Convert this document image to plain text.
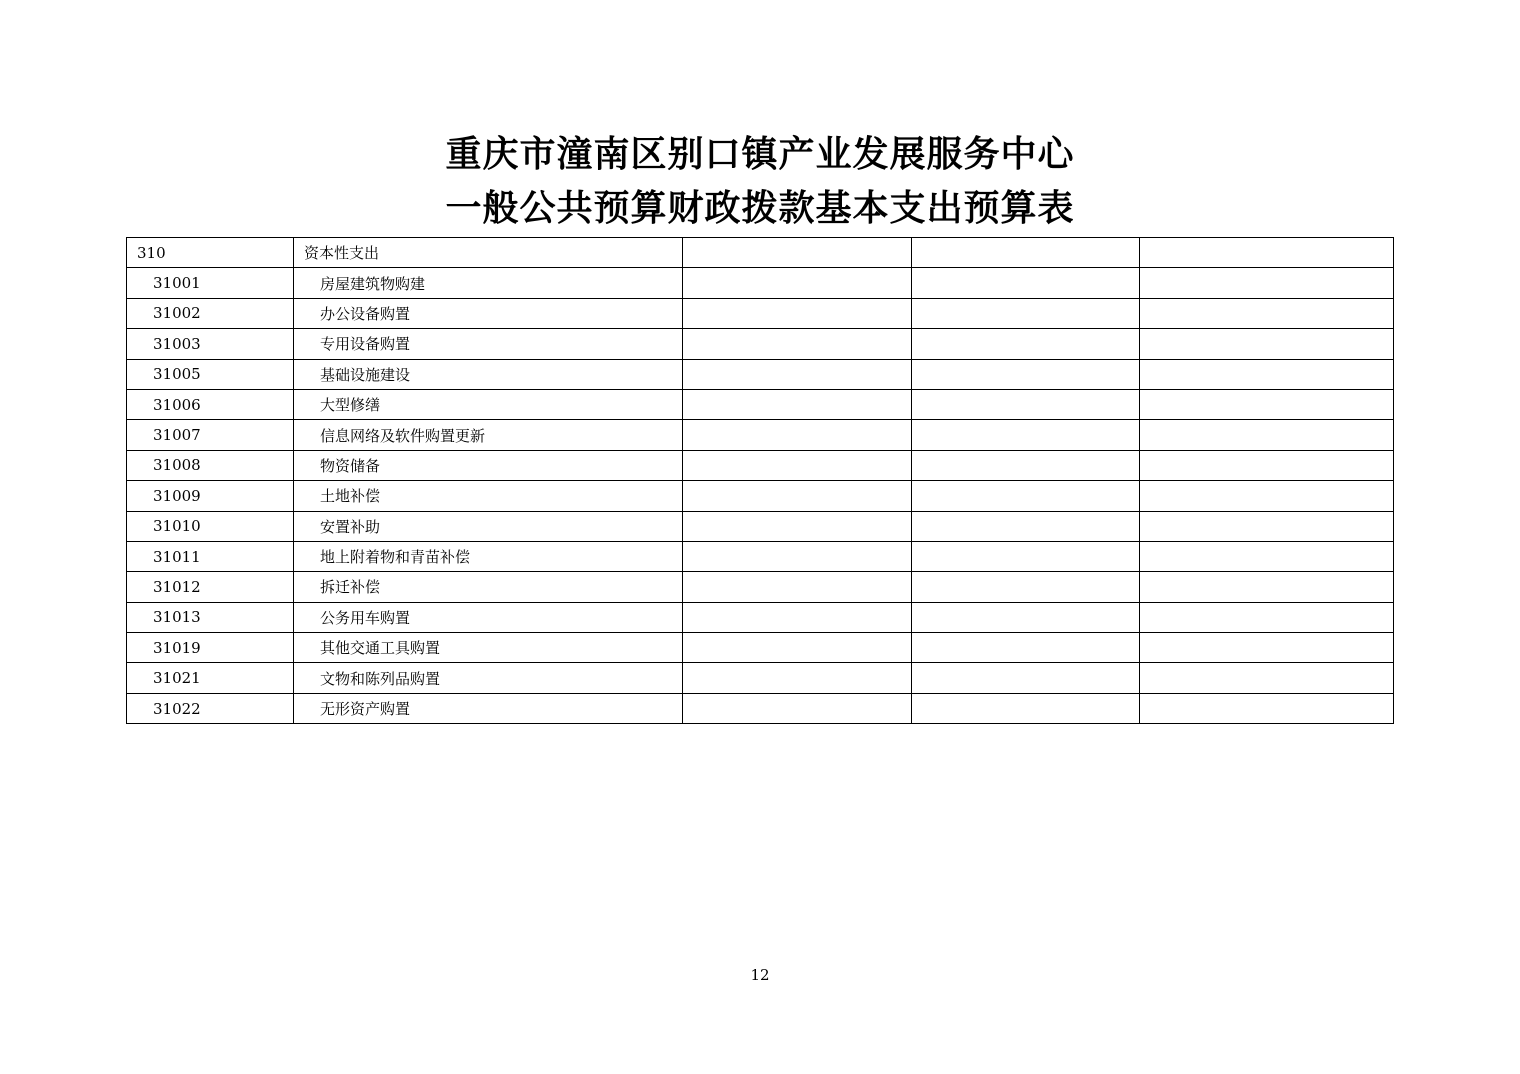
重庆市潼南区别口镇产业发展服务中心
一般公共预算财政拨款基本支出预算表
310	资本性支出			
31001	房屋建筑物购建			
31002	办公设备购置			
31003	专用设备购置			
31005	基础设施建设			
31006	大型修缮			
31007	信息网络及软件购置更新			
31008	物资储备			
31009	土地补偿			
31010	安置补助			
31011	地上附着物和青苗补偿			
31012	拆迁补偿			
31013	公务用车购置			
31019	其他交通工具购置			
31021	文物和陈列品购置			
31022	无形资产购置			
12
